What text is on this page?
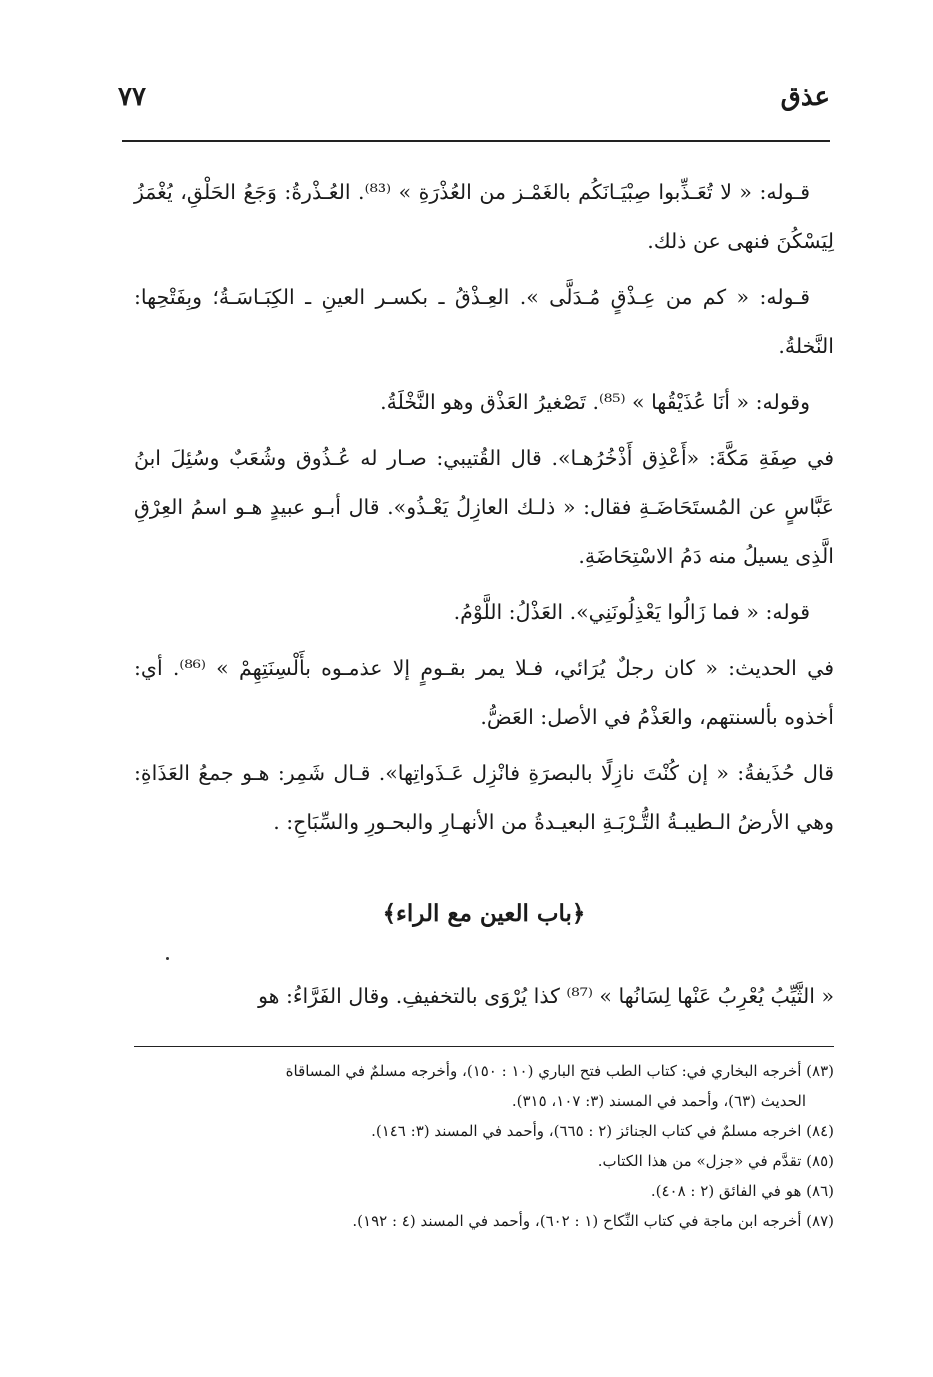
عذق
٧٧

قـوله: « لا تُعَـذِّبوا صِبْيَـانَكُم بالغَمْـز من العُذْرَةِ » ⁽⁸³⁾. العُـذْرةُ: وَجَعُ الحَلْقِ، يُغْمَزُ لِيَسْكُنَ فنهى عن ذلك.

قـوله: « كم من عِـذْقٍ مُـدَلَّى ». العِـذْقُ ـ بكسـر العينِ ـ الكِبَـاسَـةُ؛ وبِفَتْحِها: النَّخلةُ.

وقوله: « أنَا عُذَيْقُها » ⁽⁸⁵⁾. تَصْغيرُ العَذْق وهو النَّخْلَةُ.

في صِفَةِ مَكَّةَ: «أَعْذِق أَذْخُرُهـا». قال القُتيبي: صـار له عُـذُوق وشُعَبٌ وسُئِلَ ابنُ عَبَّاسٍ عن المُستَحَاضَـةِ فقال: « ذلـك العازِلُ يَعْـذُو». قال أبـو عبيدٍ هـو اسمُ العِرْقِ الَّذِى يسيلُ منه دَمُ الاسْتِحَاضَةِ.

قوله: « فما زَالُوا يَعْذِلُونَنِي». العَذْلُ: اللَّوْمُ.

في الحديث: « كان رجلٌ يُرَائي، فـلا يمر بقـومٍ إلا عذمـوه بأَلْسِنَتِهِمْ » ⁽⁸⁶⁾. أي: أخذوه بألسنتهم، والعَذْمُ في الأصل: العَضُّ.

قال حُذَيفةُ: « إن كُنْتَ نازِلًا بالبصرَةِ فانْزِل عَـذَواتِها». قـال شَمِر: هـو جمعُ العَذَاةِ: وهي الأرضُ الـطيبـةُ التُّـرْبَـةِ البعيـدةُ من الأنهـارِ والبحـورِ والسِّبَاحِ: .

﴿باب العين مع الراء﴾

« الثَّيِّبُ يُعْرِبُ عَنْها لِسَانُها » ⁽⁸⁷⁾ كذا يُرْوَى بالتخفيفِ. وقال الفَرَّاءُ: هو

(٨٣) أخرجه البخاري في: كتاب الطب فتح الباري (١٠ : ١٥٠)، وأخرجه مسلمٌ في المساقاة

الحديث (٦٣)، وأحمد في المسند (٣: ١٠٧، ٣١٥).

(٨٤) اخرجه مسلمٌ في كتاب الجنائز (٢ : ٦٦٥)، وأحمد في المسند (٣: ١٤٦).

(٨٥) تقدَّم في «جزل» من هذا الكتاب.

(٨٦) هو في الفائق (٢ : ٤٠٨).

(٨٧) أخرجه ابن ماجة في كتاب النِّكاح (١ : ٦٠٢)، وأحمد في المسند (٤ : ١٩٢).
